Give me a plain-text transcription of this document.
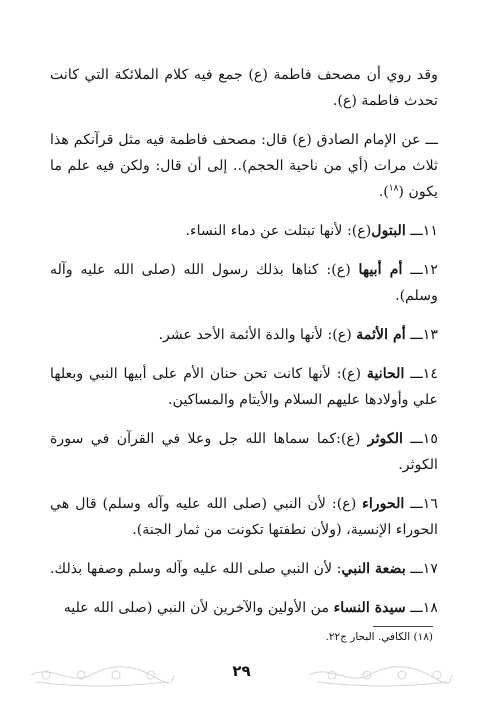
وقد روي أن مصحف فاطمة (ع) جمع فيه كلام الملائكة التي كانت تحدث فاطمة (ع).

ـــ عن الإمام الصادق (ع) قال: مصحف فاطمة فيه مثل قرآنكم هذا ثلاث مرات (أي من ناحية الحجم).. إلى أن قال: ولكن فيه علم ما يكون ($^{١٨}$).

١١ـــ البتول(ع): لأنها تبتلت عن دماء النساء.

١٢ـــ أم أبيها (ع): كناها بذلك رسول الله (صلى الله عليه وآله وسلم).

١٣ـــ أم الأئمة (ع): لأنها والدة الأئمة الأحد عشر.

١٤ـــ الحانية (ع): لأنها كانت تحن حنان الأم على أبيها النبي وبعلها علي وأولادها عليهم السلام والأيتام والمساكين.

١٥ـــ الكوثر (ع):كما سماها الله جل وعلا في القرآن في سورة الكوثر.

١٦ـــ الحوراء (ع): لأن النبي (صلى الله عليه وآله وسلم) قال هي الحوراء الإنسية، (ولأن نطفتها تكونت من ثمار الجنة).

١٧ـــ بضعة النبي: لأن النبي صلى الله عليه وآله وسلم وصفها بذلك.

١٨ـــ سيدة النساء من الأولين والآخرين لأن النبي (صلى الله عليه

(١٨) الكافي. البحار ج٢٢.
٢٩
